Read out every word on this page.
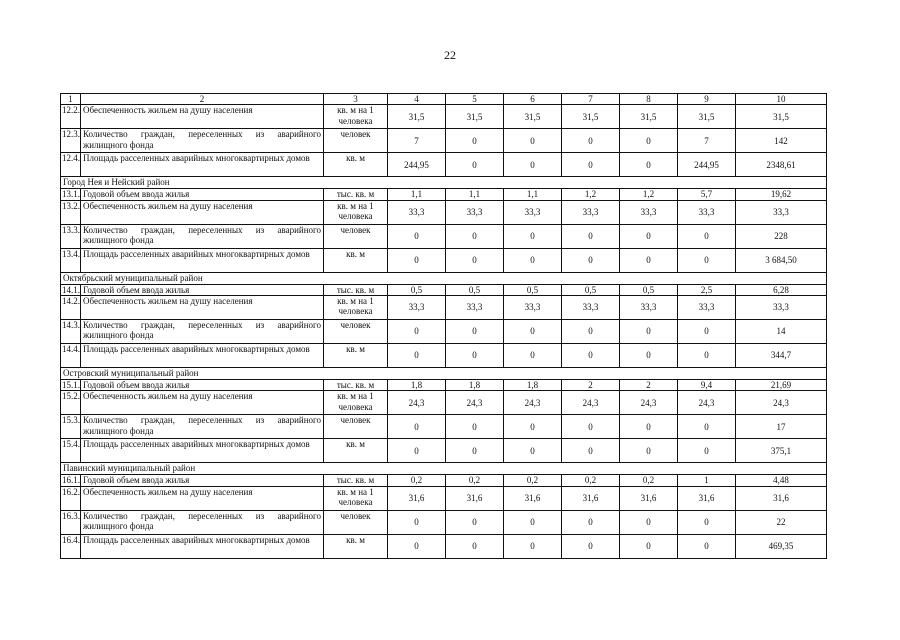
22
1	2	3	4	5	6	7	8	9	10
12.2.	Обеспеченность жильем на душу населения	кв. м на 1 человека	31,5	31,5	31,5	31,5	31,5	31,5	31,5
12.3.	Количество граждан, переселенных из аварийного жилищного фонда	человек	7	0	0	0	0	7	142
12.4.	Площадь расселенных аварийных многоквартирных домов	кв. м	244,95	0	0	0	0	244,95	2348,61
Город Нея и Нейский район									
13.1.	Годовой объем ввода жилья	тыс. кв. м	1,1	1,1	1,1	1,2	1,2	5,7	19,62
13.2.	Обеспеченность жильем на душу населения	кв. м на 1 человека	33,3	33,3	33,3	33,3	33,3	33,3	33,3
13.3.	Количество граждан, переселенных из аварийного жилищного фонда	человек	0	0	0	0	0	0	228
13.4.	Площадь расселенных аварийных многоквартирных домов	кв. м	0	0	0	0	0	0	3 684,50
Октябрьский муниципальный район									
14.1.	Годовой объем ввода жилья	тыс. кв. м	0,5	0,5	0,5	0,5	0,5	2,5	6,28
14.2.	Обеспеченность жильем на душу населения	кв. м на 1 человека	33,3	33,3	33,3	33,3	33,3	33,3	33,3
14.3.	Количество граждан, переселенных из аварийного жилищного фонда	человек	0	0	0	0	0	0	14
14.4.	Площадь расселенных аварийных многоквартирных домов	кв. м	0	0	0	0	0	0	344,7
Островский муниципальный район									
15.1.	Годовой объем ввода жилья	тыс. кв. м	1,8	1,8	1,8	2	2	9,4	21,69
15.2.	Обеспеченность жильем на душу населения	кв. м на 1 человека	24,3	24,3	24,3	24,3	24,3	24,3	24,3
15.3.	Количество граждан, переселенных из аварийного жилищного фонда	человек	0	0	0	0	0	0	17
15.4.	Площадь расселенных аварийных многоквартирных домов	кв. м	0	0	0	0	0	0	375,1
Павинский муниципальный район									
16.1.	Годовой объем ввода жилья	тыс. кв. м	0,2	0,2	0,2	0,2	0,2	1	4,48
16.2.	Обеспеченность жильем на душу населения	кв. м на 1 человека	31,6	31,6	31,6	31,6	31,6	31,6	31,6
16.3.	Количество граждан, переселенных из аварийного жилищного фонда	человек	0	0	0	0	0	0	22
16.4.	Площадь расселенных аварийных многоквартирных домов	кв. м	0	0	0	0	0	0	469,35
